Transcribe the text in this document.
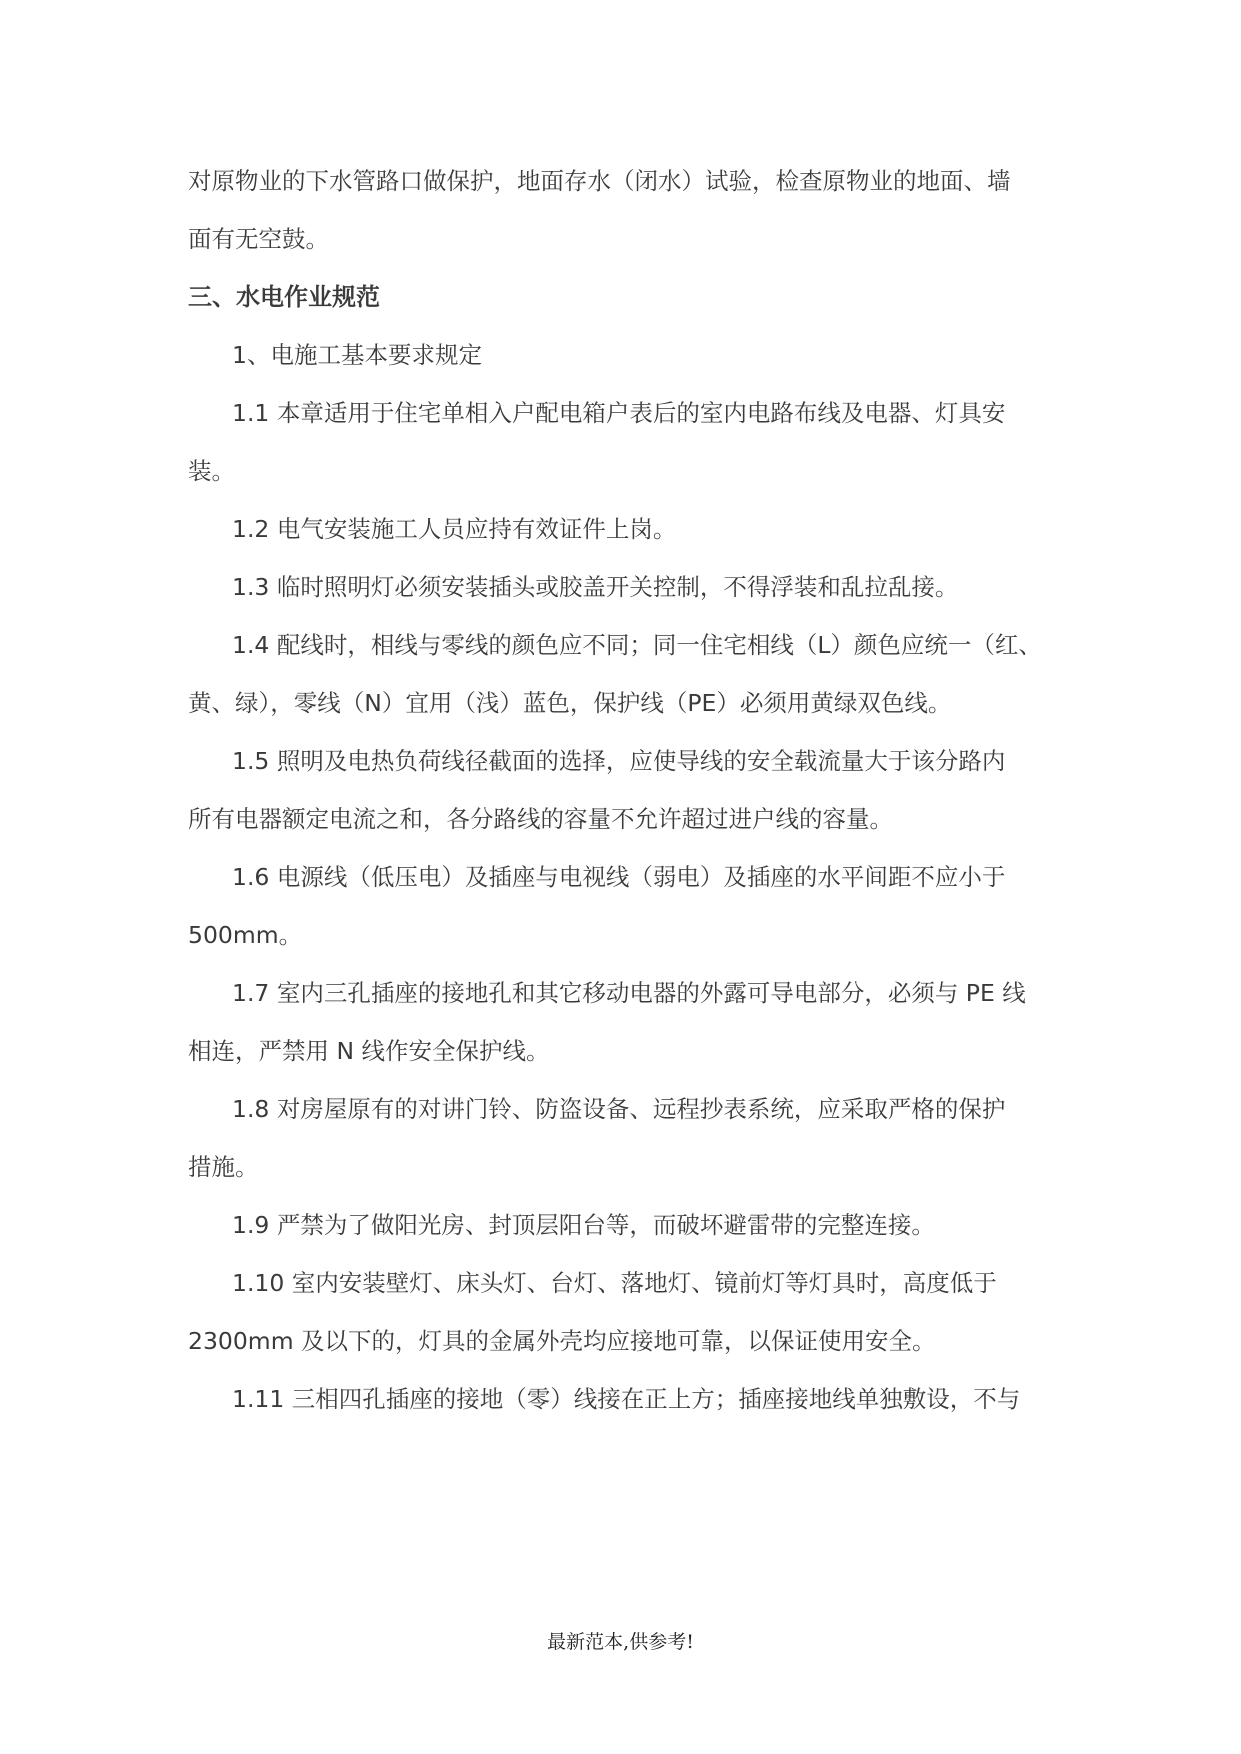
对原物业的下水管路口做保护，地面存水（闭水）试验，检查原物业的地面、墙

面有无空鼓。

三、水电作业规范

1、电施工基本要求规定

1.1 本章适用于住宅单相入户配电箱户表后的室内电路布线及电器、灯具安

装。

1.2 电气安装施工人员应持有效证件上岗。

1.3 临时照明灯必须安装插头或胶盖开关控制，不得浮装和乱拉乱接。

1.4 配线时，相线与零线的颜色应不同；同一住宅相线（L）颜色应统一（红、

黄、绿），零线（N）宜用（浅）蓝色，保护线（PE）必须用黄绿双色线。

1.5 照明及电热负荷线径截面的选择，应使导线的安全载流量大于该分路内

所有电器额定电流之和，各分路线的容量不允许超过进户线的容量。

1.6 电源线（低压电）及插座与电视线（弱电）及插座的水平间距不应小于

500mm。

1.7 室内三孔插座的接地孔和其它移动电器的外露可导电部分，必须与 PE 线

相连，严禁用 N 线作安全保护线。

1.8 对房屋原有的对讲门铃、防盗设备、远程抄表系统，应采取严格的保护

措施。

1.9 严禁为了做阳光房、封顶层阳台等，而破坏避雷带的完整连接。

1.10 室内安装壁灯、床头灯、台灯、落地灯、镜前灯等灯具时，高度低于

2300mm 及以下的，灯具的金属外壳均应接地可靠，以保证使用安全。

1.11 三相四孔插座的接地（零）线接在正上方；插座接地线单独敷设，不与

最新范本,供参考!
